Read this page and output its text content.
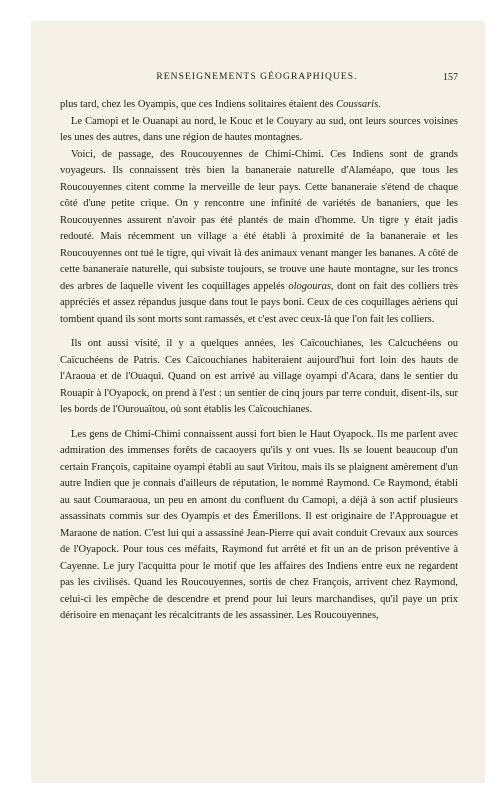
RENSEIGNEMENTS GÉOGRAPHIQUES.	157

plus tard, chez les Oyampis, que ces Indiens solitaires étaient des Coussaris.

Le Camopi et le Ouanapi au nord, le Kouc et le Couyary au sud, ont leurs sources voisines les unes des autres, dans une région de hautes montagnes.

Voici, de passage, des Roucouyennes de Chimi-Chimi. Ces Indiens sont de grands voyageurs. Ils connaissent très bien la bananeraie naturelle d'Alaméapo, que tous les Roucouyennes citent comme la merveille de leur pays. Cette bananeraie s'étend de chaque côté d'une petite crique. On y rencontre une infinité de variétés de bananiers, que les Roucouyennes assurent n'avoir pas été plantés de main d'homme. Un tigre y était jadis redouté. Mais récemment un village a été établi à proximité de la bananeraie et les Roucouyennes ont tué le tigre, qui vivait là des animaux venant manger les bananes. A côté de cette bananeraie naturelle, qui subsiste toujours, se trouve une haute montagne, sur les troncs des arbres de laquelle vivent les coquillages appelés ologouras, dont on fait des colliers très appréciés et assez répandus jusque dans tout le pays boni. Ceux de ces coquillages aériens qui tombent quand ils sont morts sont ramassés, et c'est avec ceux-là que l'on fait les colliers.

Ils ont aussi visité, il y a quelques années, les Caïcouchianes, les Calcuchéens ou Caïcuchéens de Patris. Ces Caïcouchianes habiteraient aujourd'hui fort loin des hauts de l'Araoua et de l'Ouaqui. Quand on est arrivé au village oyampi d'Acara, dans le sentier du Rouapir à l'Oyapock, on prend à l'est : un sentier de cinq jours par terre conduit, disent-ils, sur les bords de l'Ourouaïtou, où sont établis les Caïcouchianes.

Les gens de Chimi-Chimi connaissent aussi fort bien le Haut Oyapock. Ils me parlent avec admiration des immenses forêts de cacaoyers qu'ils y ont vues. Ils se louent beaucoup d'un certain François, capitaine oyampi établi au saut Viritou, mais ils se plaignent amèrement d'un autre Indien que je connais d'ailleurs de réputation, le nommé Raymond. Ce Raymond, établi au saut Coumaraoua, un peu en amont du confluent du Camopi, a déjà à son actif plusieurs assassinats commis sur des Oyampis et des Émerillons. Il est originaire de l'Approuague et Maraone de nation. C'est lui qui a assassiné Jean-Pierre qui avait conduit Crevaux aux sources de l'Oyapock. Pour tous ces méfaits, Raymond fut arrêté et fit un an de prison préventive à Cayenne. Le jury l'acquitta pour le motif que les affaires des Indiens entre eux ne regardent pas les civilisés. Quand les Roucouyennes, sortis de chez François, arrivent chez Raymond, celui-ci les empêche de descendre et prend pour lui leurs marchandises, qu'il paye un prix dérisoire en menaçant les récalcitrants de les assassiner. Les Roucouyennes,
